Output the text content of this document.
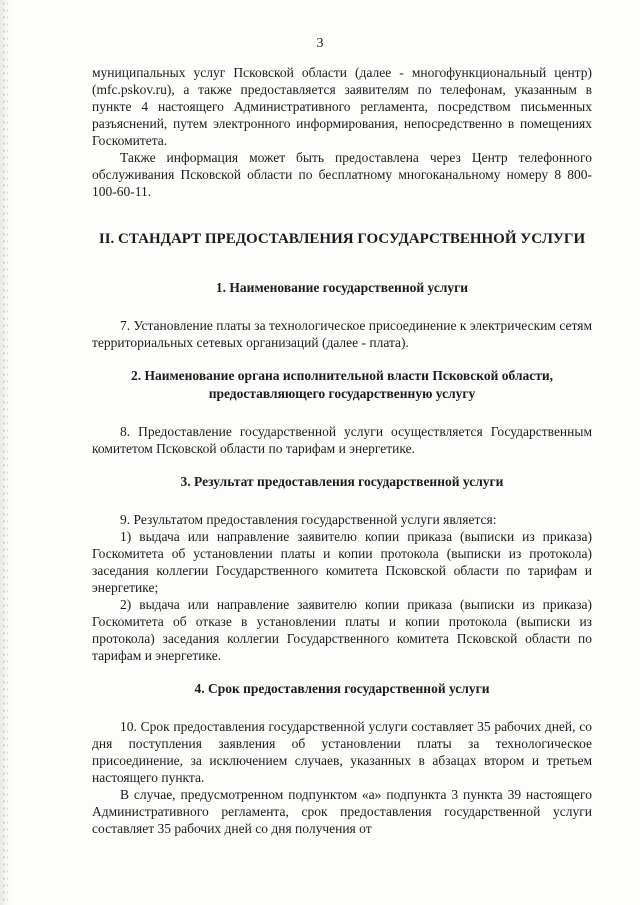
3

муниципальных услуг Псковской области (далее - многофункциональный центр) (mfc.pskov.ru), а также предоставляется заявителям по телефонам, указанным в пункте 4 настоящего Административного регламента, посредством письменных разъяснений, путем электронного информирования, непосредственно в помещениях Госкомитета.

Также информация может быть предоставлена через Центр телефонного обслуживания Псковской области по бесплатному многоканальному номеру 8 800-100-60-11.

II. СТАНДАРТ ПРЕДОСТАВЛЕНИЯ ГОСУДАРСТВЕННОЙ УСЛУГИ
1. Наименование государственной услуги

7. Установление платы за технологическое присоединение к электрическим сетям территориальных сетевых организаций (далее - плата).

2. Наименование органа исполнительной власти Псковской области, предоставляющего государственную услугу

8. Предоставление государственной услуги осуществляется Государственным комитетом Псковской области по тарифам и энергетике.

3. Результат предоставления государственной услуги

9. Результатом предоставления государственной услуги является:

1) выдача или направление заявителю копии приказа (выписки из приказа) Госкомитета об установлении платы и копии протокола (выписки из протокола) заседания коллегии Государственного комитета Псковской области по тарифам и энергетике;

2) выдача или направление заявителю копии приказа (выписки из приказа) Госкомитета об отказе в установлении платы и копии протокола (выписки из протокола) заседания коллегии Государственного комитета Псковской области по тарифам и энергетике.

4. Срок предоставления государственной услуги

10. Срок предоставления государственной услуги составляет 35 рабочих дней, со дня поступления заявления об установлении платы за технологическое присоединение, за исключением случаев, указанных в абзацах втором и третьем настоящего пункта.

В случае, предусмотренном подпунктом «а» подпункта 3 пункта 39 настоящего Административного регламента, срок предоставления государственной услуги составляет 35 рабочих дней со дня получения от
